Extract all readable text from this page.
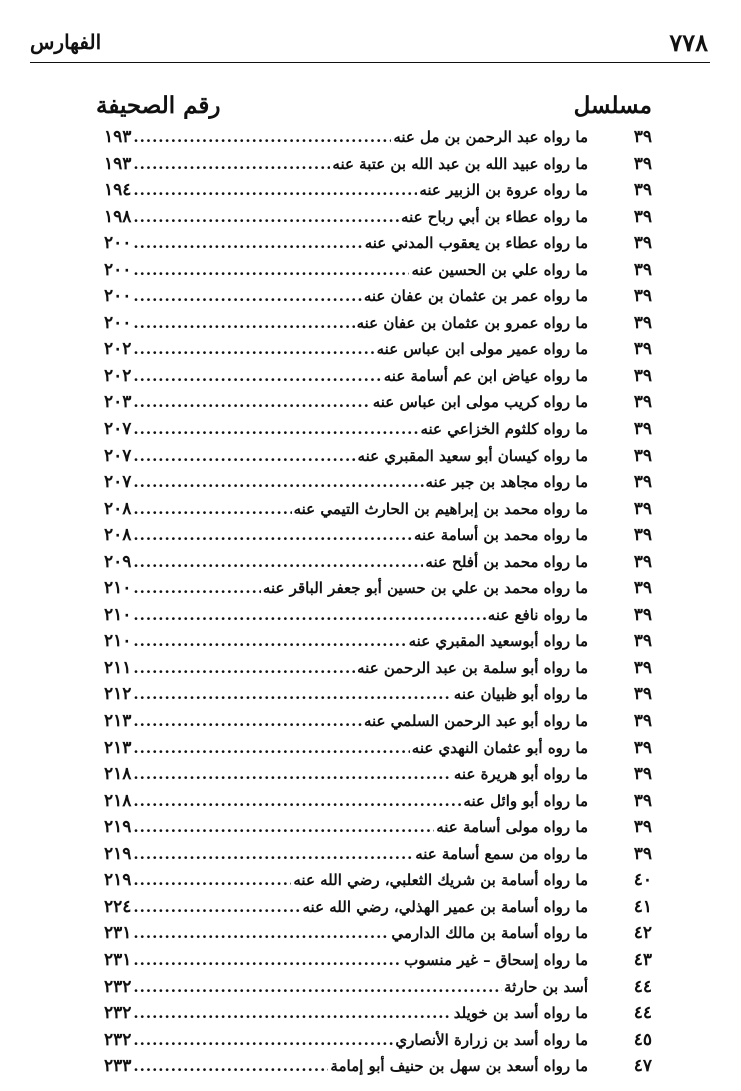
٧٧٨
الفهارس
مسلسل
رقم الصحيفة
٣٩
ما رواه عبد الرحمن بن مل عنه
.....
١٩٣
٣٩
ما رواه عبيد الله بن عبد الله بن عتبة عنه
.....
١٩٣
٣٩
ما رواه عروة بن الزبير عنه
.....
١٩٤
٣٩
ما رواه عطاء بن أبي رباح عنه
.....
١٩٨
٣٩
ما رواه عطاء بن يعقوب المدني عنه
.....
٢٠٠
٣٩
ما رواه علي بن الحسين عنه
.....
٢٠٠
٣٩
ما رواه عمر بن عثمان بن عفان عنه
.....
٢٠٠
٣٩
ما رواه عمرو بن عثمان بن عفان عنه
.....
٢٠٠
٣٩
ما رواه عمير مولى ابن عباس عنه
.....
٢٠٢
٣٩
ما رواه عياض ابن عم أسامة عنه
.....
٢٠٢
٣٩
ما رواه كريب مولى ابن عباس عنه
.....
٢٠٣
٣٩
ما رواه كلثوم الخزاعي عنه
.....
٢٠٧
٣٩
ما رواه كيسان أبو سعيد المقبري عنه
.....
٢٠٧
٣٩
ما رواه مجاهد بن جبر عنه
.....
٢٠٧
٣٩
ما رواه محمد بن إبراهيم بن الحارث التيمي عنه
.....
٢٠٨
٣٩
ما رواه محمد بن أسامة عنه
.....
٢٠٨
٣٩
ما رواه محمد بن أفلح عنه
.....
٢٠٩
٣٩
ما رواه محمد بن علي بن حسين أبو جعفر الباقر عنه
.....
٢١٠
٣٩
ما رواه نافع عنه
.....
٢١٠
٣٩
ما رواه أبوسعيد المقبري عنه
.....
٢١٠
٣٩
ما رواه أبو سلمة بن عبد الرحمن عنه
.....
٢١١
٣٩
ما رواه أبو ظبيان عنه
.....
٢١٢
٣٩
ما رواه أبو عبد الرحمن السلمي عنه
.....
٢١٣
٣٩
ما روه أبو عثمان النهدي عنه
.....
٢١٣
٣٩
ما رواه أبو هريرة عنه
.....
٢١٨
٣٩
ما رواه أبو وائل عنه
.....
٢١٨
٣٩
ما رواه مولى أسامة عنه
.....
٢١٩
٣٩
ما رواه من سمع أسامة عنه
.....
٢١٩
٤٠
ما رواه أسامة بن شريك الثعلبي، رضي الله عنه
.....
٢١٩
٤١
ما رواه أسامة بن عمير الهذلي، رضي الله عنه
.....
٢٢٤
٤٢
ما رواه أسامة بن مالك الدارمي
.....
٢٣١
٤٣
ما رواه إسحاق – غير منسوب
.....
٢٣١
٤٤
أسد بن حارثة
.....
٢٣٢
٤٤
ما رواه أسد بن خويلد
.....
٢٣٢
٤٥
ما رواه أسد بن زرارة الأنصاري
.....
٢٣٢
٤٧
ما رواه أسعد بن سهل بن حنيف أبو إمامة
.....
٢٣٣
